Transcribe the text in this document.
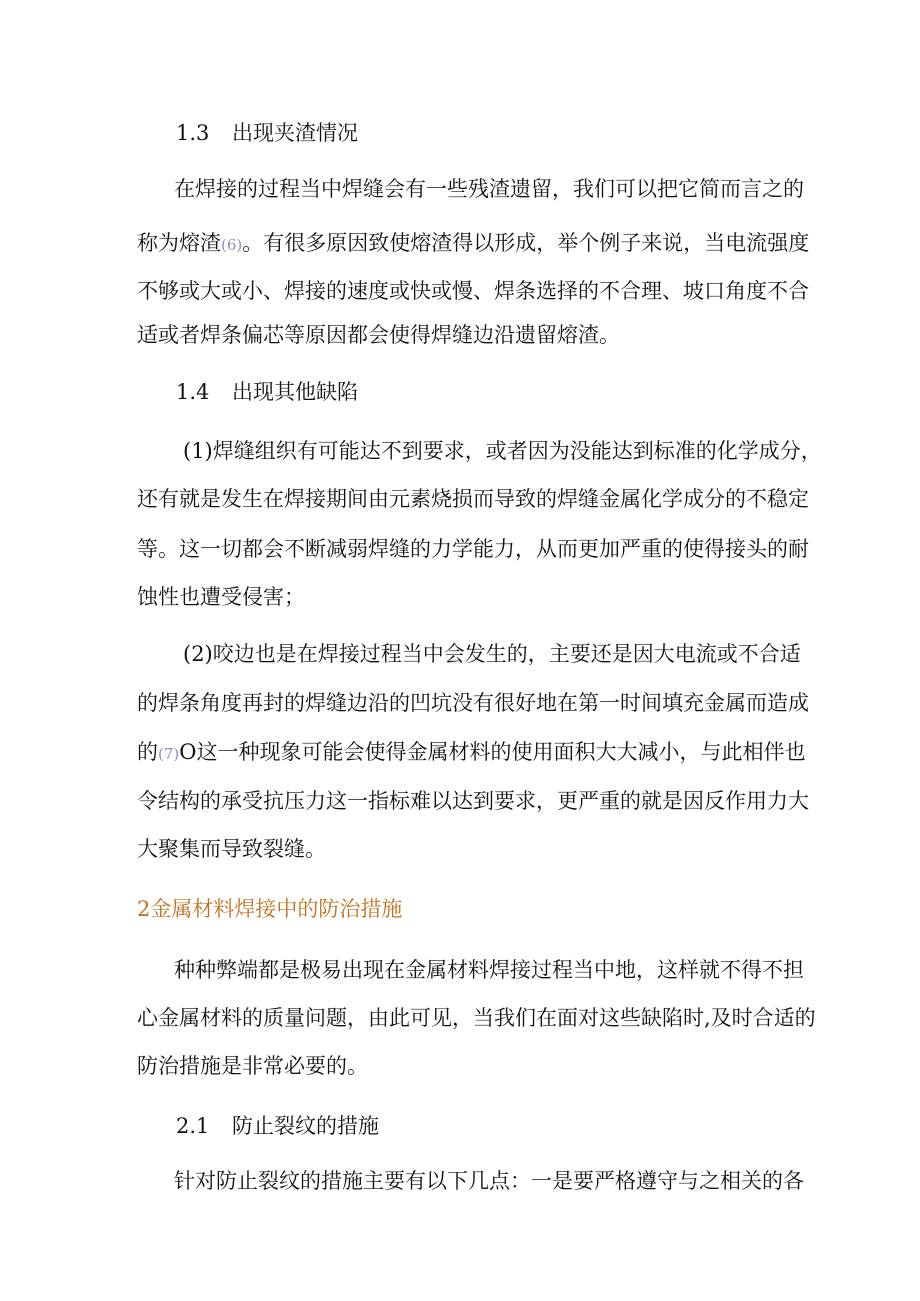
1.3 出现夹渣情况
在焊接的过程当中焊缝会有一些残渣遗留，我们可以把它简而言之的
称为熔渣(6)。有很多原因致使熔渣得以形成，举个例子来说，当电流强度
不够或大或小、焊接的速度或快或慢、焊条选择的不合理、坡口角度不合
适或者焊条偏芯等原因都会使得焊缝边沿遗留熔渣。
1.4 出现其他缺陷
(1)焊缝组织有可能达不到要求，或者因为没能达到标准的化学成分，
还有就是发生在焊接期间由元素烧损而导致的焊缝金属化学成分的不稳定
等。这一切都会不断减弱焊缝的力学能力，从而更加严重的使得接头的耐
蚀性也遭受侵害；
(2)咬边也是在焊接过程当中会发生的，主要还是因大电流或不合适
的焊条角度再封的焊缝边沿的凹坑没有很好地在第一时间填充金属而造成
的(7)O这一种现象可能会使得金属材料的使用面积大大减小，与此相伴也
令结构的承受抗压力这一指标难以达到要求，更严重的就是因反作用力大
大聚集而导致裂缝。
2金属材料焊接中的防治措施
种种弊端都是极易出现在金属材料焊接过程当中地，这样就不得不担
心金属材料的质量问题，由此可见，当我们在面对这些缺陷时,及时合适的
防治措施是非常必要的。
2.1 防止裂纹的措施
针对防止裂纹的措施主要有以下几点：一是要严格遵守与之相关的各
